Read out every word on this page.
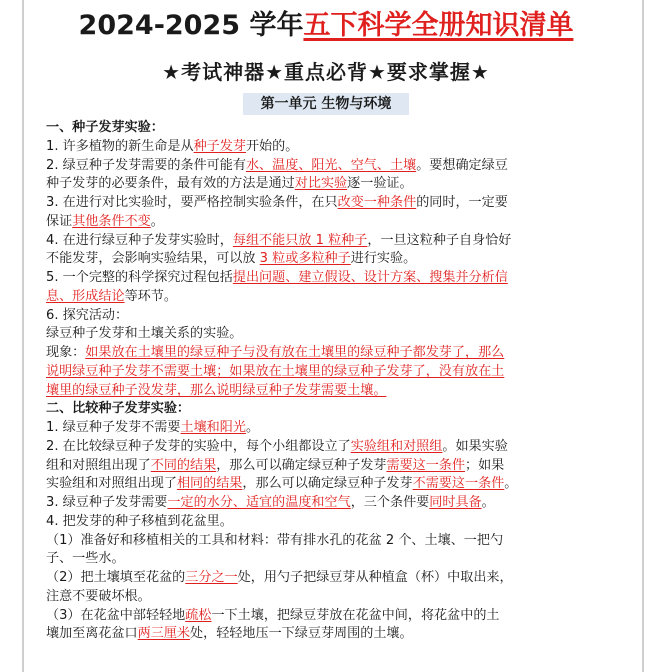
2024-2025 学年五下科学全册知识清单
★考试神器★重点必背★要求掌握★
第一单元 生物与环境
一、种子发芽实验：
1. 许多植物的新生命是从种子发芽开始的。
2. 绿豆种子发芽需要的条件可能有水、温度、阳光、空气、土壤。要想确定绿豆
种子发芽的必要条件，最有效的方法是通过对比实验逐一验证。
3. 在进行对比实验时，要严格控制实验条件，在只改变一种条件的同时，一定要
保证其他条件不变。
4. 在进行绿豆种子发芽实验时，每组不能只放 1 粒种子，一旦这粒种子自身恰好
不能发芽，会影响实验结果，可以放 3 粒或多粒种子进行实验。
5. 一个完整的科学探究过程包括提出问题、建立假设、设计方案、搜集并分析信
息、形成结论等环节。
6. 探究活动：
绿豆种子发芽和土壤关系的实验。
现象：如果放在土壤里的绿豆种子与没有放在土壤里的绿豆种子都发芽了，那么
说明绿豆种子发芽不需要土壤；如果放在土壤里的绿豆种子发芽了，没有放在土
壤里的绿豆种子没发芽，那么说明绿豆种子发芽需要土壤。
二、比较种子发芽实验：
1. 绿豆种子发芽不需要土壤和阳光。
2. 在比较绿豆种子发芽的实验中，每个小组都设立了实验组和对照组。如果实验
组和对照组出现了不同的结果，那么可以确定绿豆种子发芽需要这一条件；如果
实验组和对照组出现了相同的结果，那么可以确定绿豆种子发芽不需要这一条件。
3. 绿豆种子发芽需要一定的水分、适宜的温度和空气，三个条件要同时具备。
4. 把发芽的种子移植到花盆里。
（1）准备好和移植相关的工具和材料：带有排水孔的花盆 2 个、土壤、一把勺
子、一些水。
（2）把土壤填至花盆的三分之一处，用勺子把绿豆芽从种植盒（杯）中取出来，
注意不要破坏根。
（3）在花盆中部轻轻地疏松一下土壤，把绿豆芽放在花盆中间，将花盆中的土
壤加至离花盆口两三厘米处，轻轻地压一下绿豆芽周围的土壤。
